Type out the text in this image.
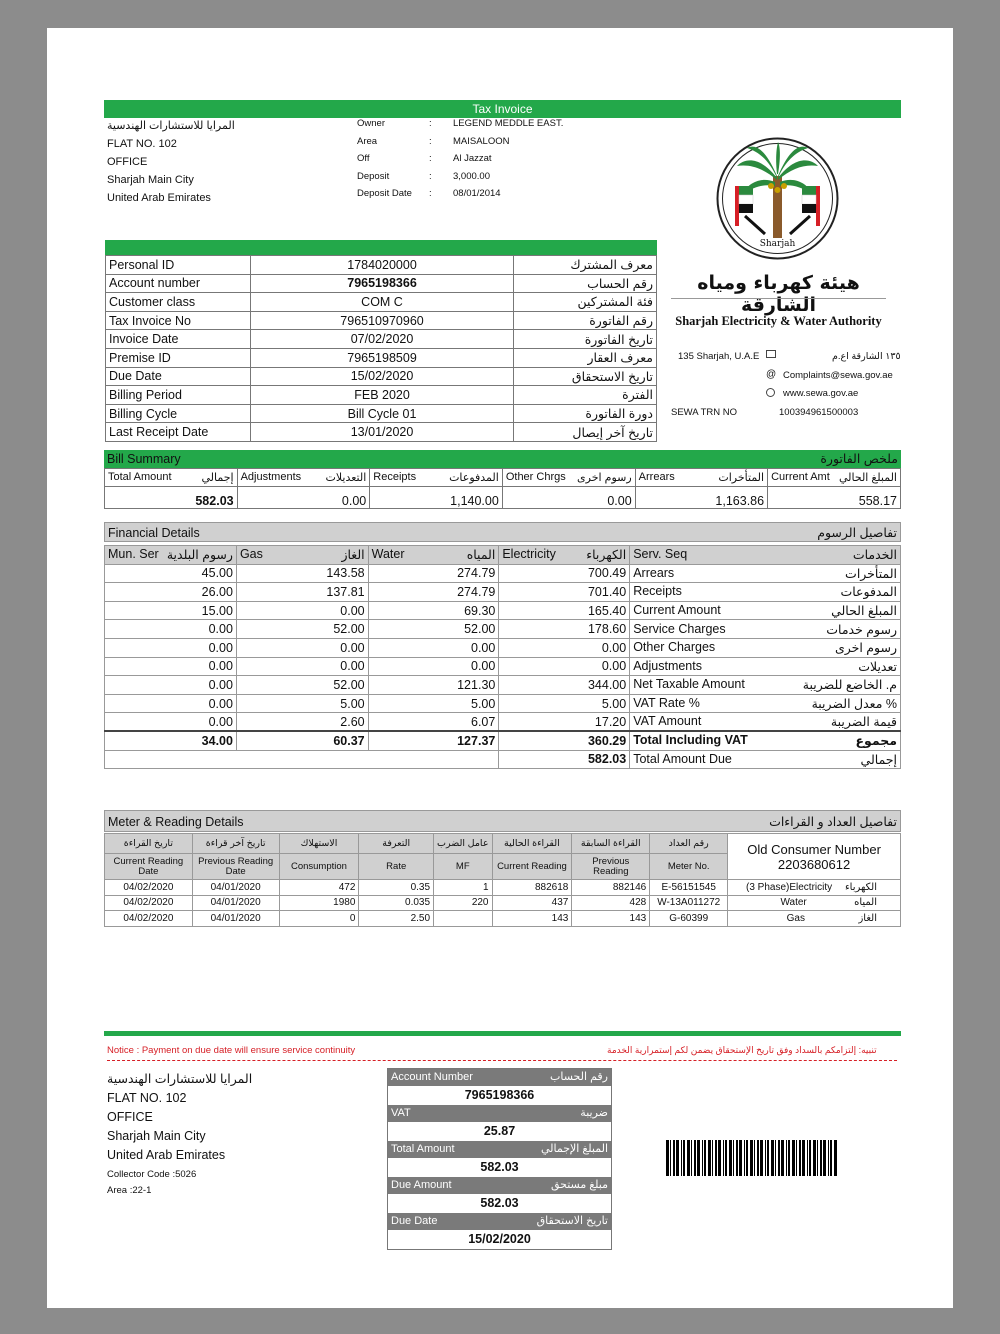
Tax Invoice
المرايا للاستشارات الهندسية
FLAT NO. 102
OFFICE
Sharjah Main City
United Arab Emirates
Owner	:	LEGEND MEDDLE EAST.
Area	:	MAISALOON
Off	:	Al Jazzat
Deposit	:	3,000.00
Deposit Date	:	08/01/2014
Sharjah
هيئة كهرباء ومياه الشارقة
Sharjah Electricity & Water Authority
135 Sharjah, U.A.E	١٣٥ الشارقة اع.م
@ Complaints@sewa.gov.ae
www.sewa.gov.ae
SEWA TRN NO	100394961500003
Personal ID	1784020000	معرف المشترك
Account number	7965198366	رقم الحساب
Customer class	COM C	فئة المشتركين
Tax Invoice No	796510970960	رقم الفاتورة
Invoice Date	07/02/2020	تاريخ الفاتورة
Premise ID	7965198509	معرف العقار
Due Date	15/02/2020	تاريخ الاستحقاق
Billing Period	FEB 2020	الفترة
Billing Cycle	Bill Cycle 01	دورة الفاتورة
Last Receipt Date	13/01/2020	تاريخ آخر إيصال
Bill Summary	ملخص الفاتورة
Total Amount إجمالي	Adjustments التعديلات	Receipts المدفوعات	Other Chrgs رسوم اخرى	Arrears المتأخرات	Current Amt المبلغ الحالي

582.03	0.00	1,140.00	0.00	1,163.86	558.17
Financial Details	تفاصيل الرسوم
Mun. Ser رسوم البلدية	Gas الغاز	Water المياه	Electricity الكهرباء	Serv. Seq الخدمات

45.00	143.58	274.79	700.49	Arrears المتأخرات

26.00	137.81	274.79	701.40	Receipts المدفوعات

15.00	0.00	69.30	165.40	Current Amount المبلغ الحالي

0.00	52.00	52.00	178.60	Service Charges رسوم خدمات

0.00	0.00	0.00	0.00	Other Charges رسوم اخرى

0.00	0.00	0.00	0.00	Adjustments تعديلات

0.00	52.00	121.30	344.00	Net Taxable Amount م. الخاضع للضريبة

0.00	5.00	5.00	5.00	VAT Rate % معدل الضريبة %

0.00	2.60	6.07	17.20	VAT Amount قيمة الضريبة

34.00	60.37	127.37	360.29	Total Including VAT مجموع

			582.03	Total Amount Due إجمالي
Meter & Reading Details	تفاصيل العداد و القراءات
تاريخ القراءة	تاريخ آخر قراءة	الاستهلاك	التعرفة	عامل الضرب	القراءة الحالية	القراءة السابقة	رقم العداد	Old Consumer Number
2203680612

Current Reading Date	Previous Reading Date	Consumption	Rate	MF	Current Reading	Previous Reading	Meter No.	
04/02/2020	04/01/2020	472	0.35	1	882618	882146	E-56151545	(3 Phase)Electricity الكهرباء

04/02/2020	04/01/2020	1980	0.035	220	437	428	W-13A011272	Water المياه

04/02/2020	04/01/2020	0	2.50		143	143	G-60399	Gas الغاز
Notice : Payment on due date will ensure service continuity	تنبيه: إلتزامكم بالسداد وفق تاريخ الإستحقاق يضمن لكم إستمرارية الخدمة
المرايا للاستشارات الهندسية
FLAT NO. 102
OFFICE
Sharjah Main City
United Arab Emirates
Collector Code :5026
Area :22-1
Account Number	رقم الحساب
7965198366
VAT	ضريبة
25.87
Total Amount	المبلغ الإجمالي
582.03
Due Amount	مبلغ مستحق
582.03
Due Date	تاريخ الاستحقاق
15/02/2020
